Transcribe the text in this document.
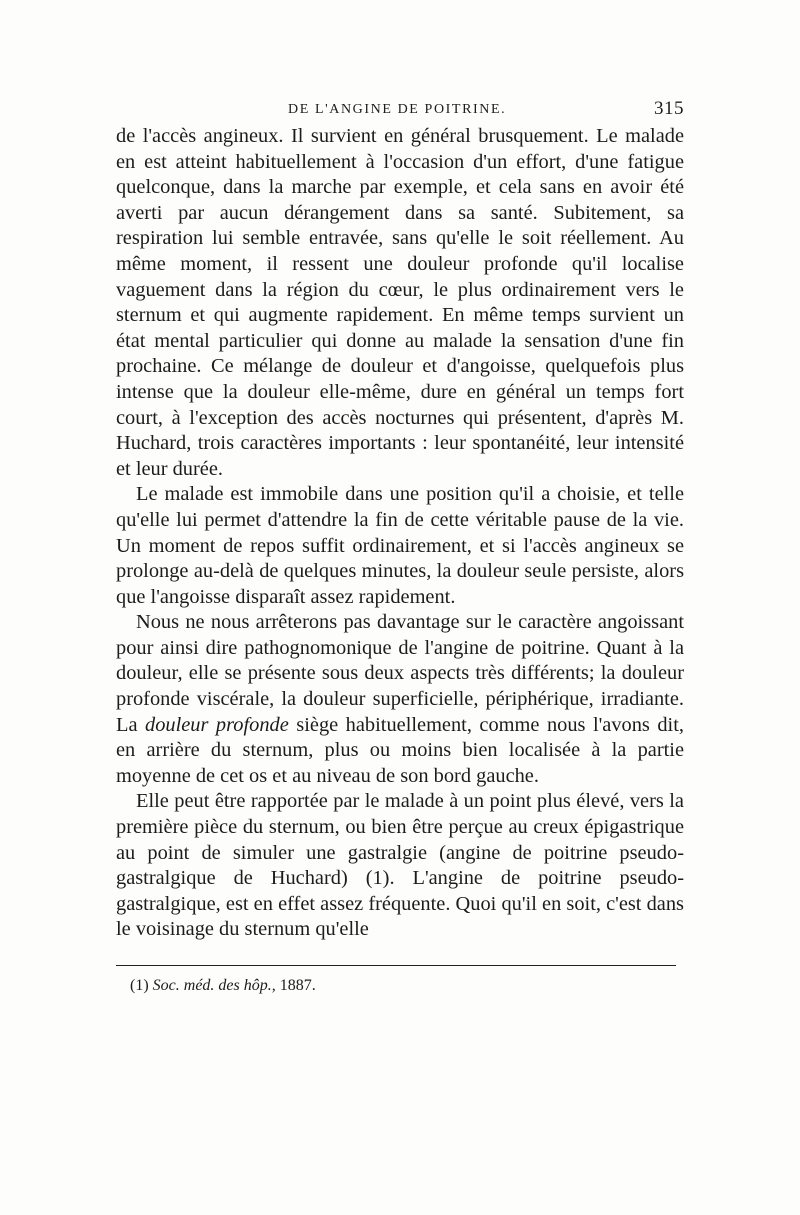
DE L'ANGINE DE POITRINE.	315

de l'accès angineux. Il survient en général brusquement. Le malade en est atteint habituellement à l'occasion d'un effort, d'une fatigue quelconque, dans la marche par exemple, et cela sans en avoir été averti par aucun dérangement dans sa santé. Subitement, sa respiration lui semble entravée, sans qu'elle le soit réellement. Au même moment, il ressent une douleur profonde qu'il localise vaguement dans la région du cœur, le plus ordinairement vers le sternum et qui augmente rapidement. En même temps survient un état mental particulier qui donne au malade la sensation d'une fin prochaine. Ce mélange de douleur et d'angoisse, quelquefois plus intense que la douleur elle-même, dure en général un temps fort court, à l'exception des accès nocturnes qui présentent, d'après M. Huchard, trois caractères importants : leur spontanéité, leur intensité et leur durée.

Le malade est immobile dans une position qu'il a choisie, et telle qu'elle lui permet d'attendre la fin de cette véritable pause de la vie. Un moment de repos suffit ordinairement, et si l'accès angineux se prolonge au-delà de quelques minutes, la douleur seule persiste, alors que l'angoisse disparaît assez rapidement.

Nous ne nous arrêterons pas davantage sur le caractère angoissant pour ainsi dire pathognomonique de l'angine de poitrine. Quant à la douleur, elle se présente sous deux aspects très différents; la douleur profonde viscérale, la douleur superficielle, périphérique, irradiante. La douleur profonde siège habituellement, comme nous l'avons dit, en arrière du sternum, plus ou moins bien localisée à la partie moyenne de cet os et au niveau de son bord gauche.

Elle peut être rapportée par le malade à un point plus élevé, vers la première pièce du sternum, ou bien être perçue au creux épigastrique au point de simuler une gastralgie (angine de poitrine pseudo-gastralgique de Huchard) (1). L'angine de poitrine pseudo-gastralgique, est en effet assez fréquente. Quoi qu'il en soit, c'est dans le voisinage du sternum qu'elle

(1) Soc. méd. des hôp., 1887.
